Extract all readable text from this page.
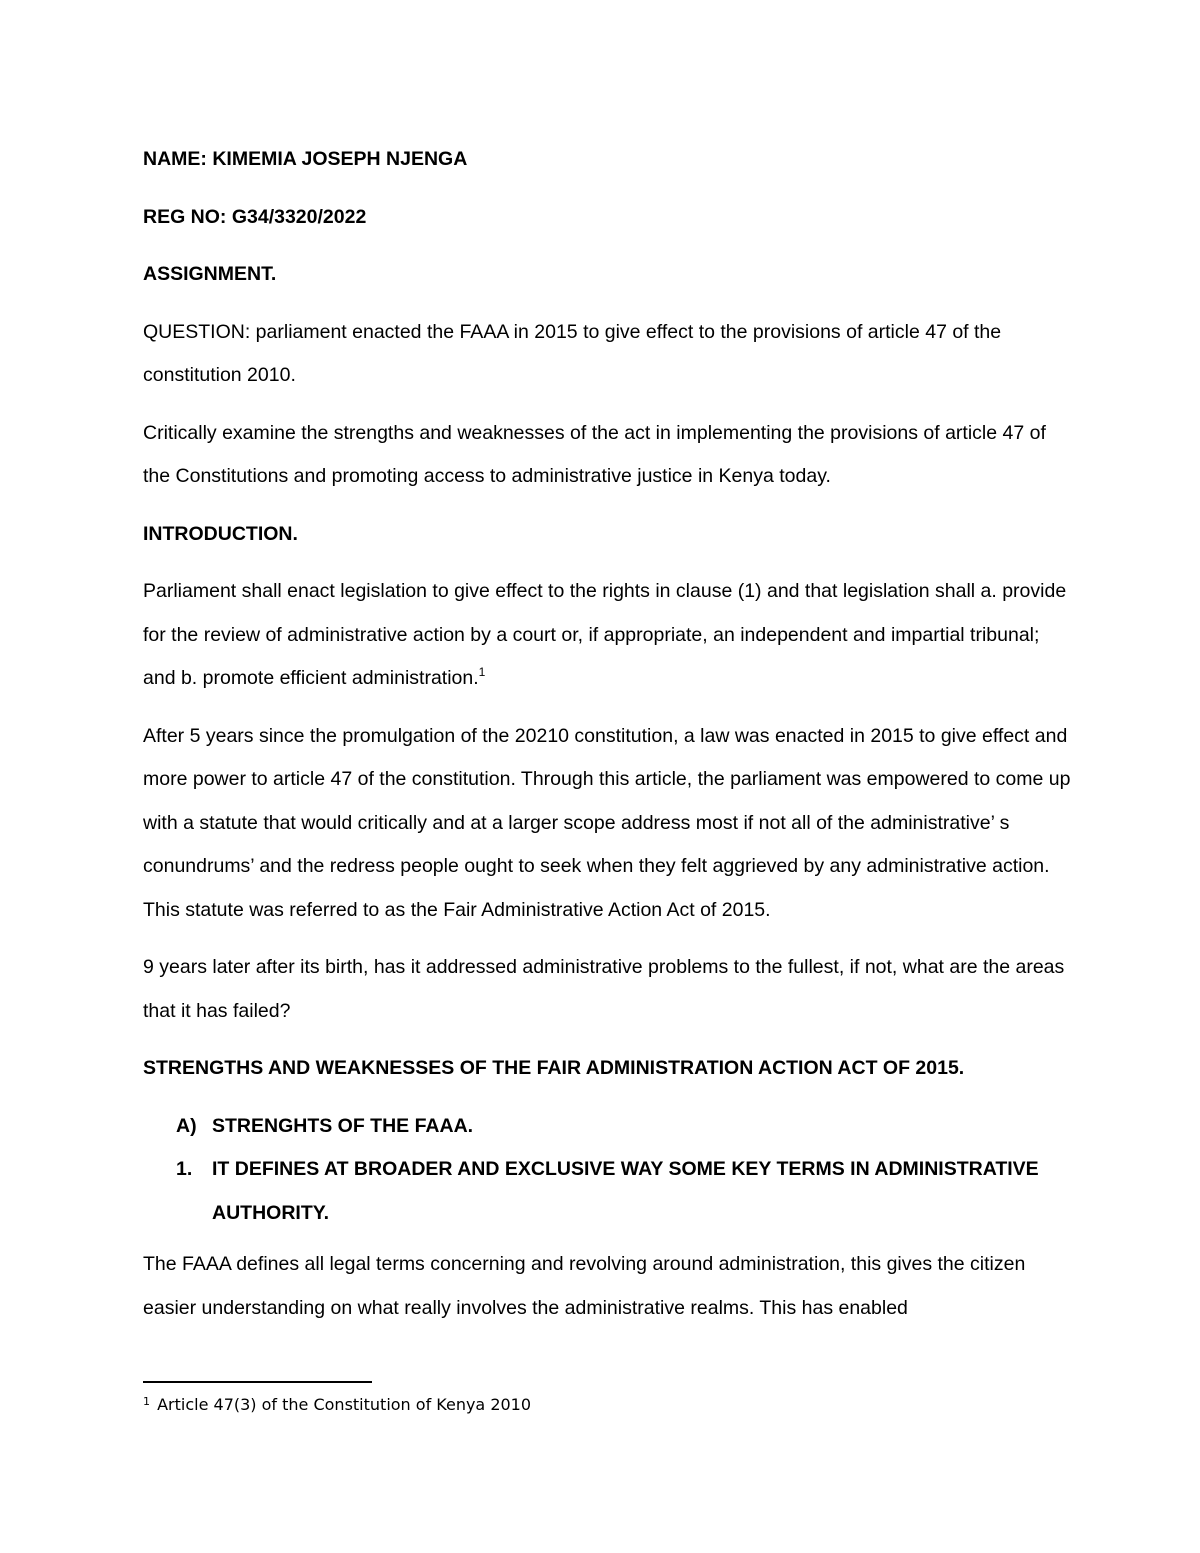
NAME: KIMEMIA JOSEPH NJENGA

REG NO: G34/3320/2022

ASSIGNMENT.

QUESTION: parliament enacted the FAAA in 2015 to give effect to the provisions of article 47 of the constitution 2010.

Critically examine the strengths and weaknesses of the act in implementing the provisions of article 47 of the Constitutions and promoting access to administrative justice in Kenya today.

INTRODUCTION.

Parliament shall enact legislation to give effect to the rights in clause (1) and that legislation shall a. provide for the review of administrative action by a court or, if appropriate, an independent and impartial tribunal; and b. promote efficient administration.$^1$

After 5 years since the promulgation of the 20210 constitution, a law was enacted in 2015 to give effect and more power to article 47 of the constitution. Through this article, the parliament was empowered to come up with a statute that would critically and at a larger scope address most if not all of the administrative’ s conundrums’ and the redress people ought to seek when they felt aggrieved by any administrative action. This statute was referred to as the Fair Administrative Action Act of 2015.

9 years later after its birth, has it addressed administrative problems to the fullest, if not, what are the areas that it has failed?

STRENGTHS AND WEAKNESSES OF THE FAIR ADMINISTRATION ACTION ACT OF 2015.

A) STRENGHTS OF THE FAAA.
1.	IT DEFINES AT BROADER AND EXCLUSIVE WAY SOME KEY TERMS IN ADMINISTRATIVE AUTHORITY.

The FAAA defines all legal terms concerning and revolving around administration, this gives the citizen easier understanding on what really involves the administrative realms. This has enabled

$^1$ Article 47(3) of the Constitution of Kenya 2010
